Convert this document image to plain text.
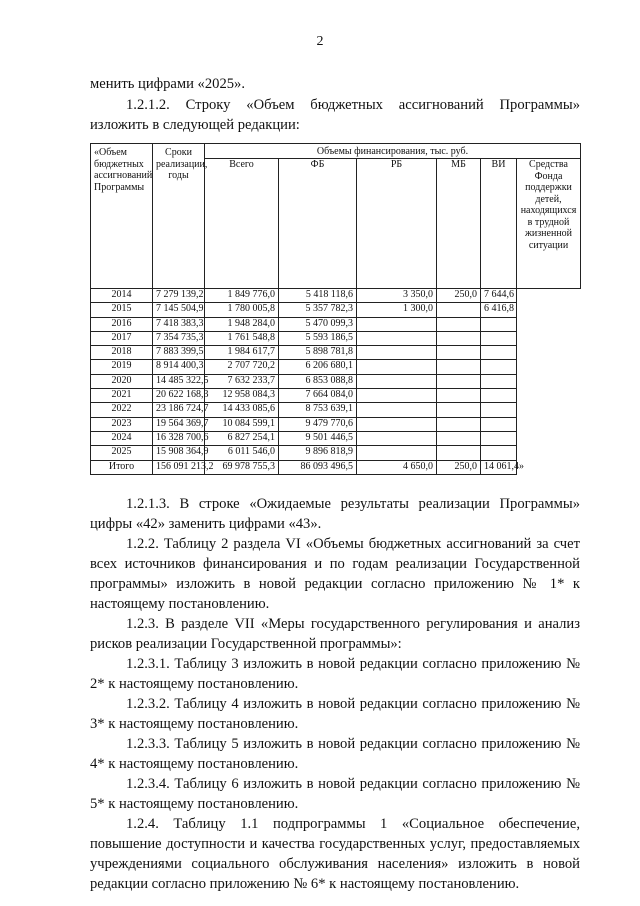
2

менить цифрами «2025».

1.2.1.2. Строку «Объем бюджетных ассигнований Программы» изложить в следующей редакции:

«Объем бюджетных ассигнований Программы	Сроки реализации, годы	Объемы финансирования, тыс. руб.					
		Всего	ФБ	РБ	МБ	ВИ	Средства Фонда поддержки детей, находящихся в трудной жизненной ситуации
2014	7 279 139,2	1 849 776,0	5 418 118,6	3 350,0	250,0	7 644,6	
2015	7 145 504,9	1 780 005,8	5 357 782,3	1 300,0		6 416,8	
2016	7 418 383,3	1 948 284,0	5 470 099,3				
2017	7 354 735,3	1 761 548,8	5 593 186,5				
2018	7 883 399,5	1 984 617,7	5 898 781,8				
2019	8 914 400,3	2 707 720,2	6 206 680,1				
2020	14 485 322,5	7 632 233,7	6 853 088,8				
2021	20 622 168,3	12 958 084,3	7 664 084,0				
2022	23 186 724,7	14 433 085,6	8 753 639,1				
2023	19 564 369,7	10 084 599,1	9 479 770,6				
2024	16 328 700,6	6 827 254,1	9 501 446,5				
2025	15 908 364,9	6 011 546,0	9 896 818,9				
Итого	156 091 213,2	69 978 755,3	86 093 496,5	4 650,0	250,0	14 061,4»	

1.2.1.3. В строке «Ожидаемые результаты реализации Программы» цифры «42» заменить цифрами «43».

1.2.2. Таблицу 2 раздела VI «Объемы бюджетных ассигнований за счет всех источников финансирования и по годам реализации Государственной программы» изложить в новой редакции согласно приложению № 1* к настоящему постановлению.

1.2.3. В разделе VII «Меры государственного регулирования и анализ рисков реализации Государственной программы»:

1.2.3.1. Таблицу 3 изложить в новой редакции согласно приложению № 2* к настоящему постановлению.

1.2.3.2. Таблицу 4 изложить в новой редакции согласно приложению № 3* к настоящему постановлению.

1.2.3.3. Таблицу 5 изложить в новой редакции согласно приложению № 4* к настоящему постановлению.

1.2.3.4. Таблицу 6 изложить в новой редакции согласно приложению № 5* к настоящему постановлению.

1.2.4. Таблицу 1.1 подпрограммы 1 «Социальное обеспечение, повышение доступности и качества государственных услуг, предоставляемых учреждениями социального обслуживания населения» изложить в новой редакции согласно приложению № 6* к настоящему постановлению.
